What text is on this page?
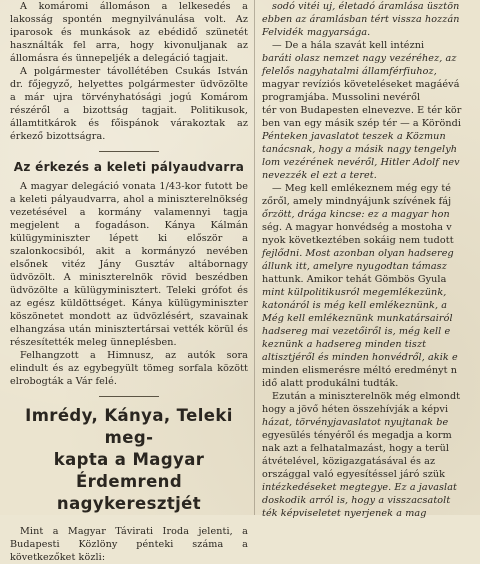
A komáromi állomáson a lelkesedés a lakosság spontén megnyilvánulása volt. Az iparosok és munkások az ebédidő szünetét használták fel arra, hogy kivonuljanak az állomásra és ünnepeljék a delegáció tagjait.

A polgármester távollétében Csukás István dr. főjegyző, helyettes polgármester üdvözölte a már ujra törvényhatósági jogú Komárom részéről a bizottság tagjait. Politikusok, államtitkárok és főispánok várakoztak az érkező bizottságra.

Az érkezés a keleti pályaudvarra

A magyar delegáció vonata 1/43-kor futott be a keleti pályaudvarra, ahol a miniszterelnökség vezetésével a kormány valamennyi tagja megjelent a fogadáson. Kánya Kálmán külügyminiszter lépett ki először a szalonkocsiból, akit a kormányzó nevében elsőnek vitéz Jány Gusztáv altábornagy üdvözölt. A miniszterelnök rövid beszédben üdvözölte a külügyminisztert. Teleki grófot és az egész küldöttséget. Kánya külügyminiszter köszönetet mondott az üdvözlésért, szavainak elhangzása után minisztertársai vették körül és részesítették meleg ünneplésben.

Felhangzott a Himnusz, az autók sora elindult és az egybegyült tömeg sorfala között elrobogták a Vár felé.

Imrédy, Kánya, Teleki meg-
kapta a Magyar Érdemrend
nagykeresztjét

Mint a Magyar Távirati Iroda jelenti, a Budapesti Közlöny pénteki száma a következőket közli:

sodó vitéi uj, életadó áramlása üsztön

ebben az áramlásban tért vissza hozzán

Felvidék magyarsága.

— De a hála szavát kell intézni

baráti olasz nemzet nagy vezéréhez, az

felelős nagyhatalmi államférfiuhoz,

magyar revíziós követeléseket magáévá

programjába. Mussolini nevéről

tér von Budapesten elnevezve. E tér kör

ben van egy másik szép tér — a Köröndi

Pénteken javaslatot teszek a Közmun

tanácsnak, hogy a másik nagy tengelyh

lom vezérének nevéről, Hitler Adolf nev

nevezzék el ezt a teret.

— Meg kell emlékeznem még egy té

zőről, amely mindnyájunk szívének fáj

őrzött, drága kincse: ez a magyar hon

ség. A magyar honvédség a mostoha v

nyok következtében sokáig nem tudott

fejlődni. Most azonban olyan hadsereg

állunk itt, amelyre nyugodtan támasz

hattunk. Amikor tehát Gömbös Gyula

mint külpolitikusról megemlékezünk,

katonáról is még kell emlékeznünk, a

Még kell emlékeznünk munkatársairól

hadsereg mai vezetőiről is, még kell e

keznünk a hadsereg minden tiszt

altisztjéről és minden honvédről, akik e

minden elismerésre méltó eredményt n

idő alatt produkálni tudták.

Ezután a miniszterelnök még elmondt

hogy a jövő héten összehívják a képvi

házat, törvényjavaslatot nyujtanak be

egyesülés tényéről és megadja a korm

nak azt a felhatalmazást, hogy a terül

átvételével, közigazgatásával és az

országgal való egyesítéssel járó szük

intézkedéseket megtegye. Ez a javaslat

doskodik arról is, hogy a visszacsatolt

ték képviseletet nyerjenek a mag
